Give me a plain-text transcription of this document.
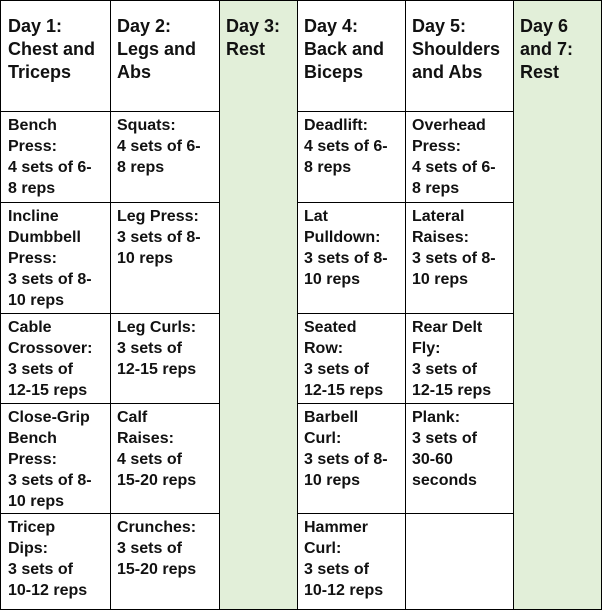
Day 1:
Chest and
Triceps
Day 2:
Legs and
Abs
Day 3:
Rest
Day 4:
Back and
Biceps
Day 5:
Shoulders
and Abs
Day 6
and 7:
Rest
Bench
Press:
4 sets of 6-
8 reps
Incline
Dumbbell
Press:
3 sets of 8-
10 reps
Cable
Crossover:
3 sets of
12-15 reps
Close-Grip
Bench
Press:
3 sets of 8-
10 reps
Tricep
Dips:
3 sets of
10-12 reps
Squats:
4 sets of 6-
8 reps
Leg Press:
3 sets of 8-
10 reps
Leg Curls:
3 sets of
12-15 reps
Calf
Raises:
4 sets of
15-20 reps
Crunches:
3 sets of
15-20 reps
Deadlift:
4 sets of 6-
8 reps
Lat
Pulldown:
3 sets of 8-
10 reps
Seated
Row:
3 sets of
12-15 reps
Barbell
Curl:
3 sets of 8-
10 reps
Hammer
Curl:
3 sets of
10-12 reps
Overhead
Press:
4 sets of 6-
8 reps
Lateral
Raises:
3 sets of 8-
10 reps
Rear Delt
Fly:
3 sets of
12-15 reps
Plank:
3 sets of
30-60
seconds
